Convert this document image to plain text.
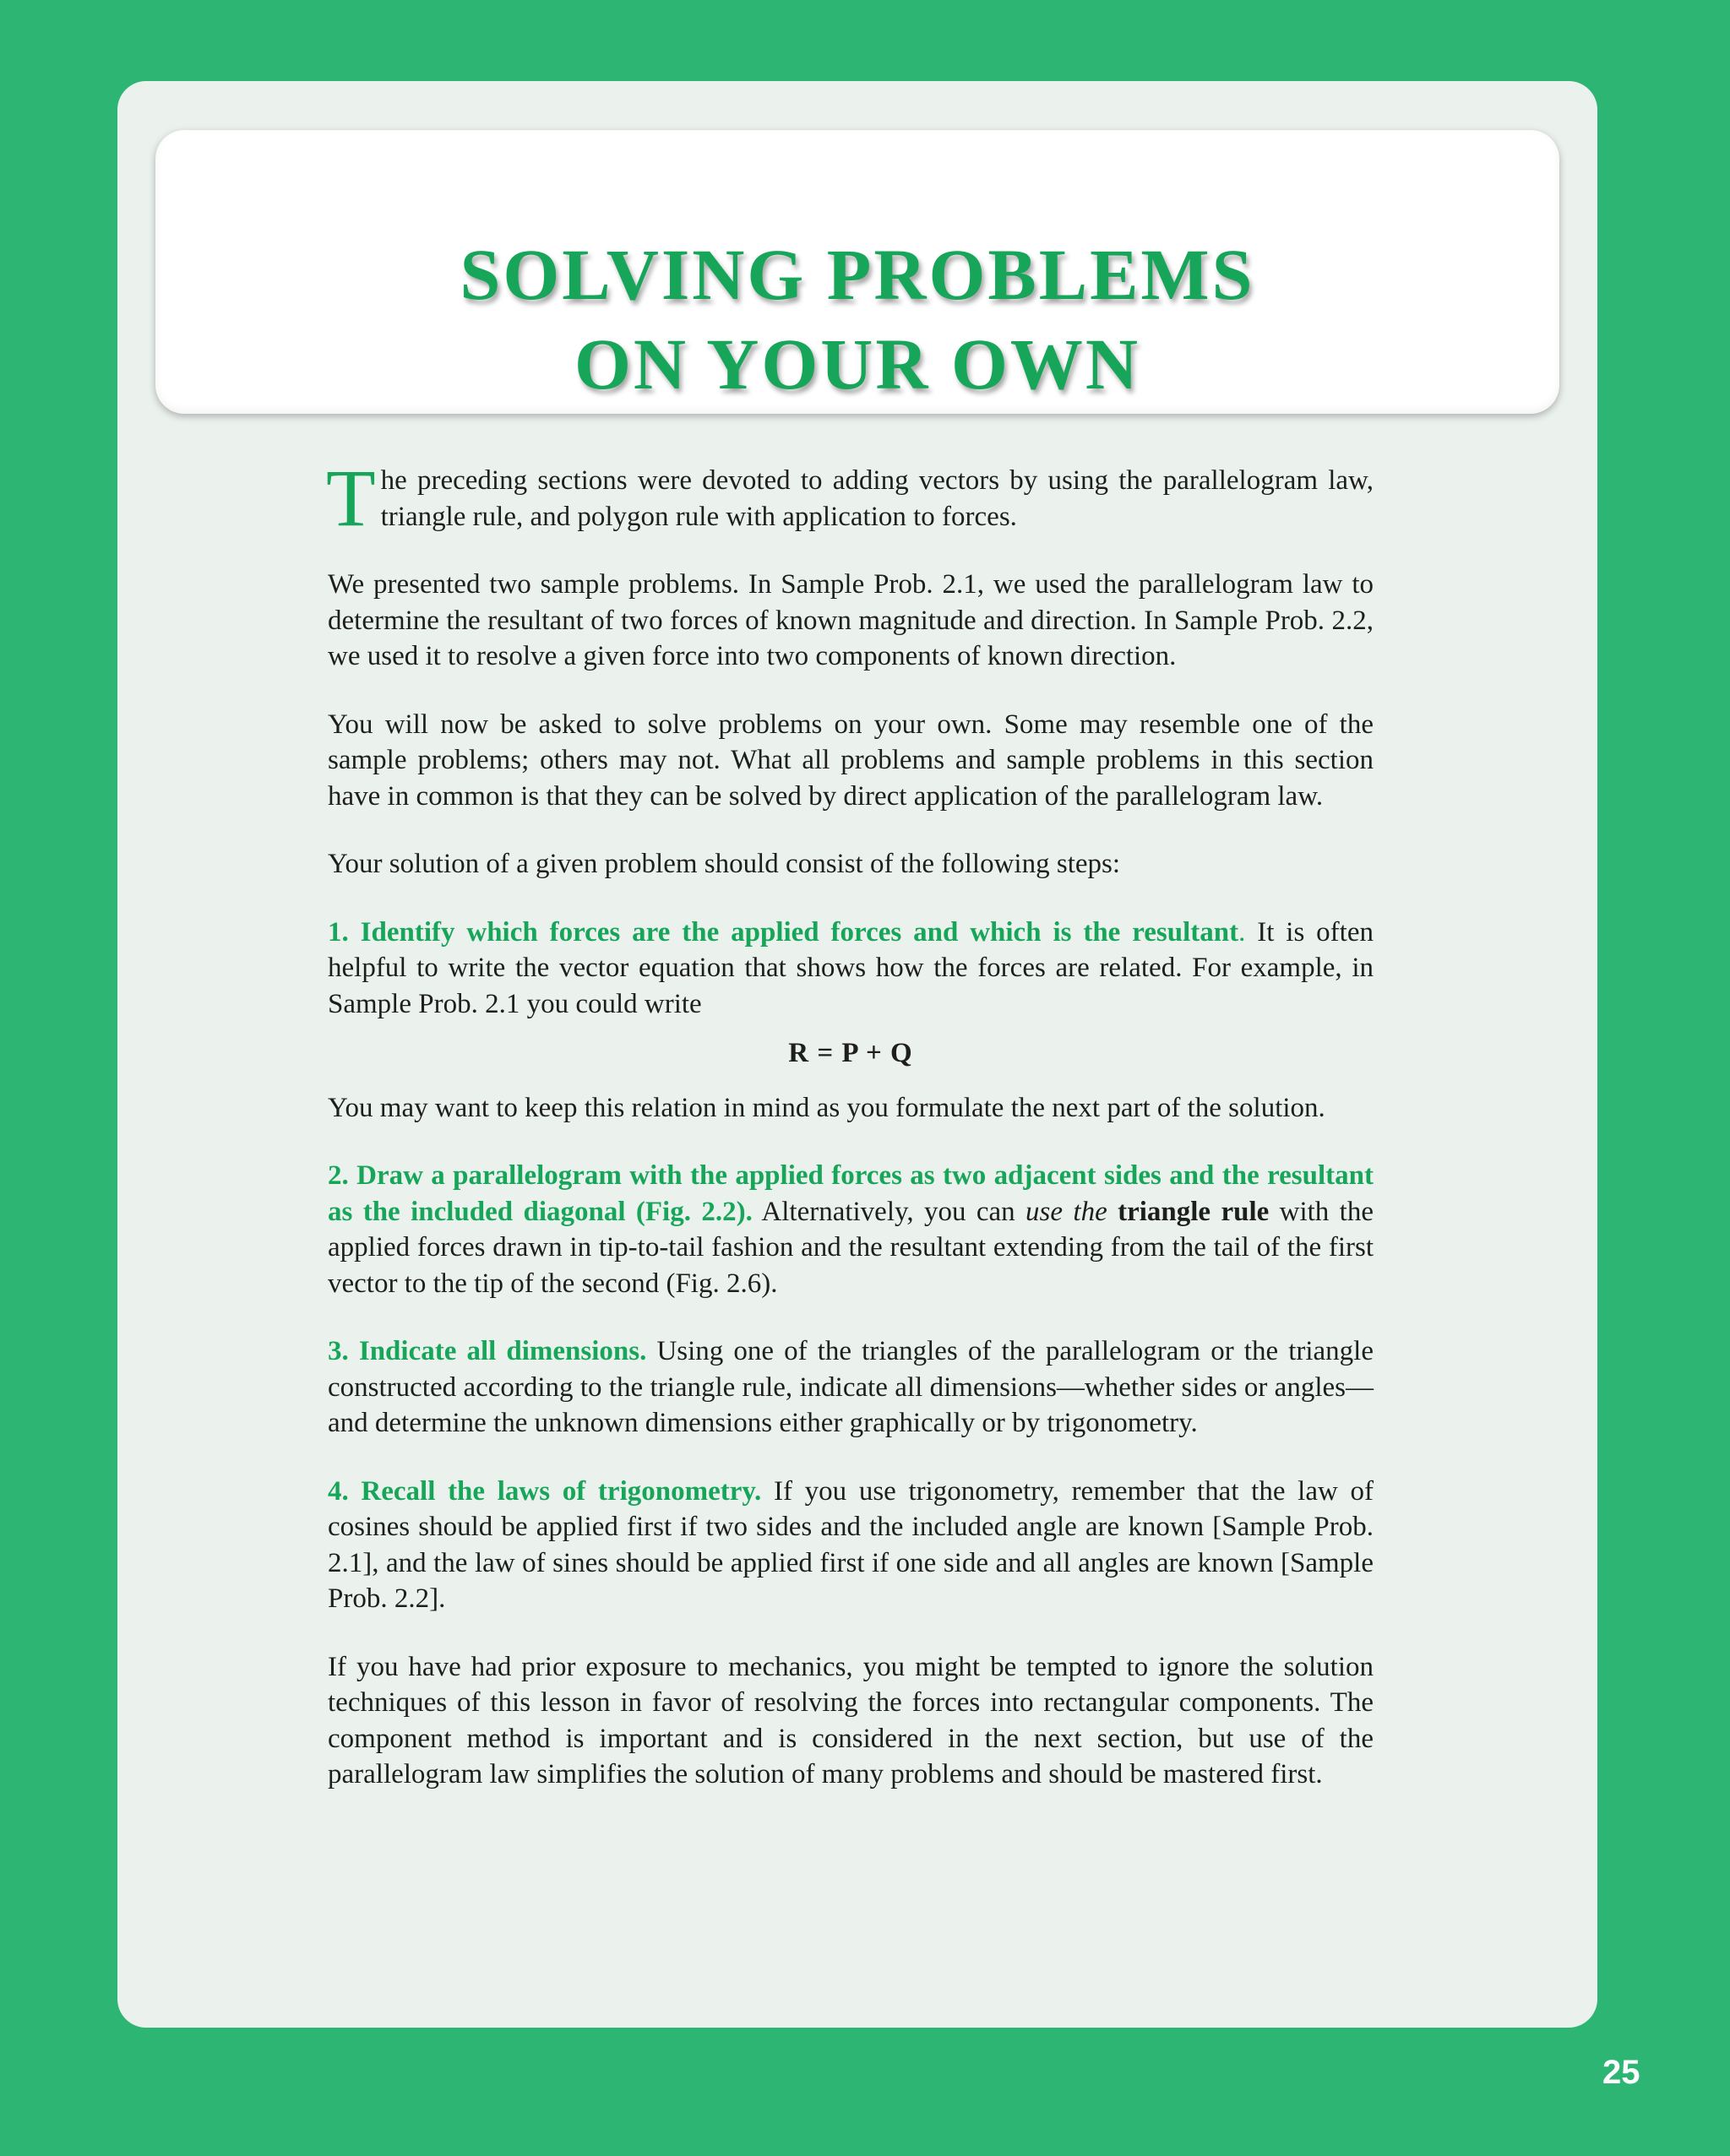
SOLVING PROBLEMS
ON YOUR OWN

The preceding sections were devoted to adding vectors by using the parallelogram law, triangle rule, and polygon rule with application to forces.

We presented two sample problems. In Sample Prob. 2.1, we used the parallelogram law to determine the resultant of two forces of known magnitude and direction. In Sample Prob. 2.2, we used it to resolve a given force into two components of known direction.

You will now be asked to solve problems on your own. Some may resemble one of the sample problems; others may not. What all problems and sample problems in this section have in common is that they can be solved by direct application of the parallelogram law.

Your solution of a given problem should consist of the following steps:

1. Identify which forces are the applied forces and which is the resultant. It is often helpful to write the vector equation that shows how the forces are related. For example, in Sample Prob. 2.1 you could write

R = P + Q

You may want to keep this relation in mind as you formulate the next part of the solution.

2. Draw a parallelogram with the applied forces as two adjacent sides and the resultant as the included diagonal (Fig. 2.2). Alternatively, you can use the triangle rule with the applied forces drawn in tip-to-tail fashion and the resultant extending from the tail of the first vector to the tip of the second (Fig. 2.6).

3. Indicate all dimensions. Using one of the triangles of the parallelogram or the triangle constructed according to the triangle rule, indicate all dimensions—whether sides or angles—and determine the unknown dimensions either graphically or by trigonometry.

4. Recall the laws of trigonometry. If you use trigonometry, remember that the law of cosines should be applied first if two sides and the included angle are known [Sample Prob. 2.1], and the law of sines should be applied first if one side and all angles are known [Sample Prob. 2.2].

If you have had prior exposure to mechanics, you might be tempted to ignore the solution techniques of this lesson in favor of resolving the forces into rectangular components. The component method is important and is considered in the next section, but use of the parallelogram law simplifies the solution of many problems and should be mastered first.

25
